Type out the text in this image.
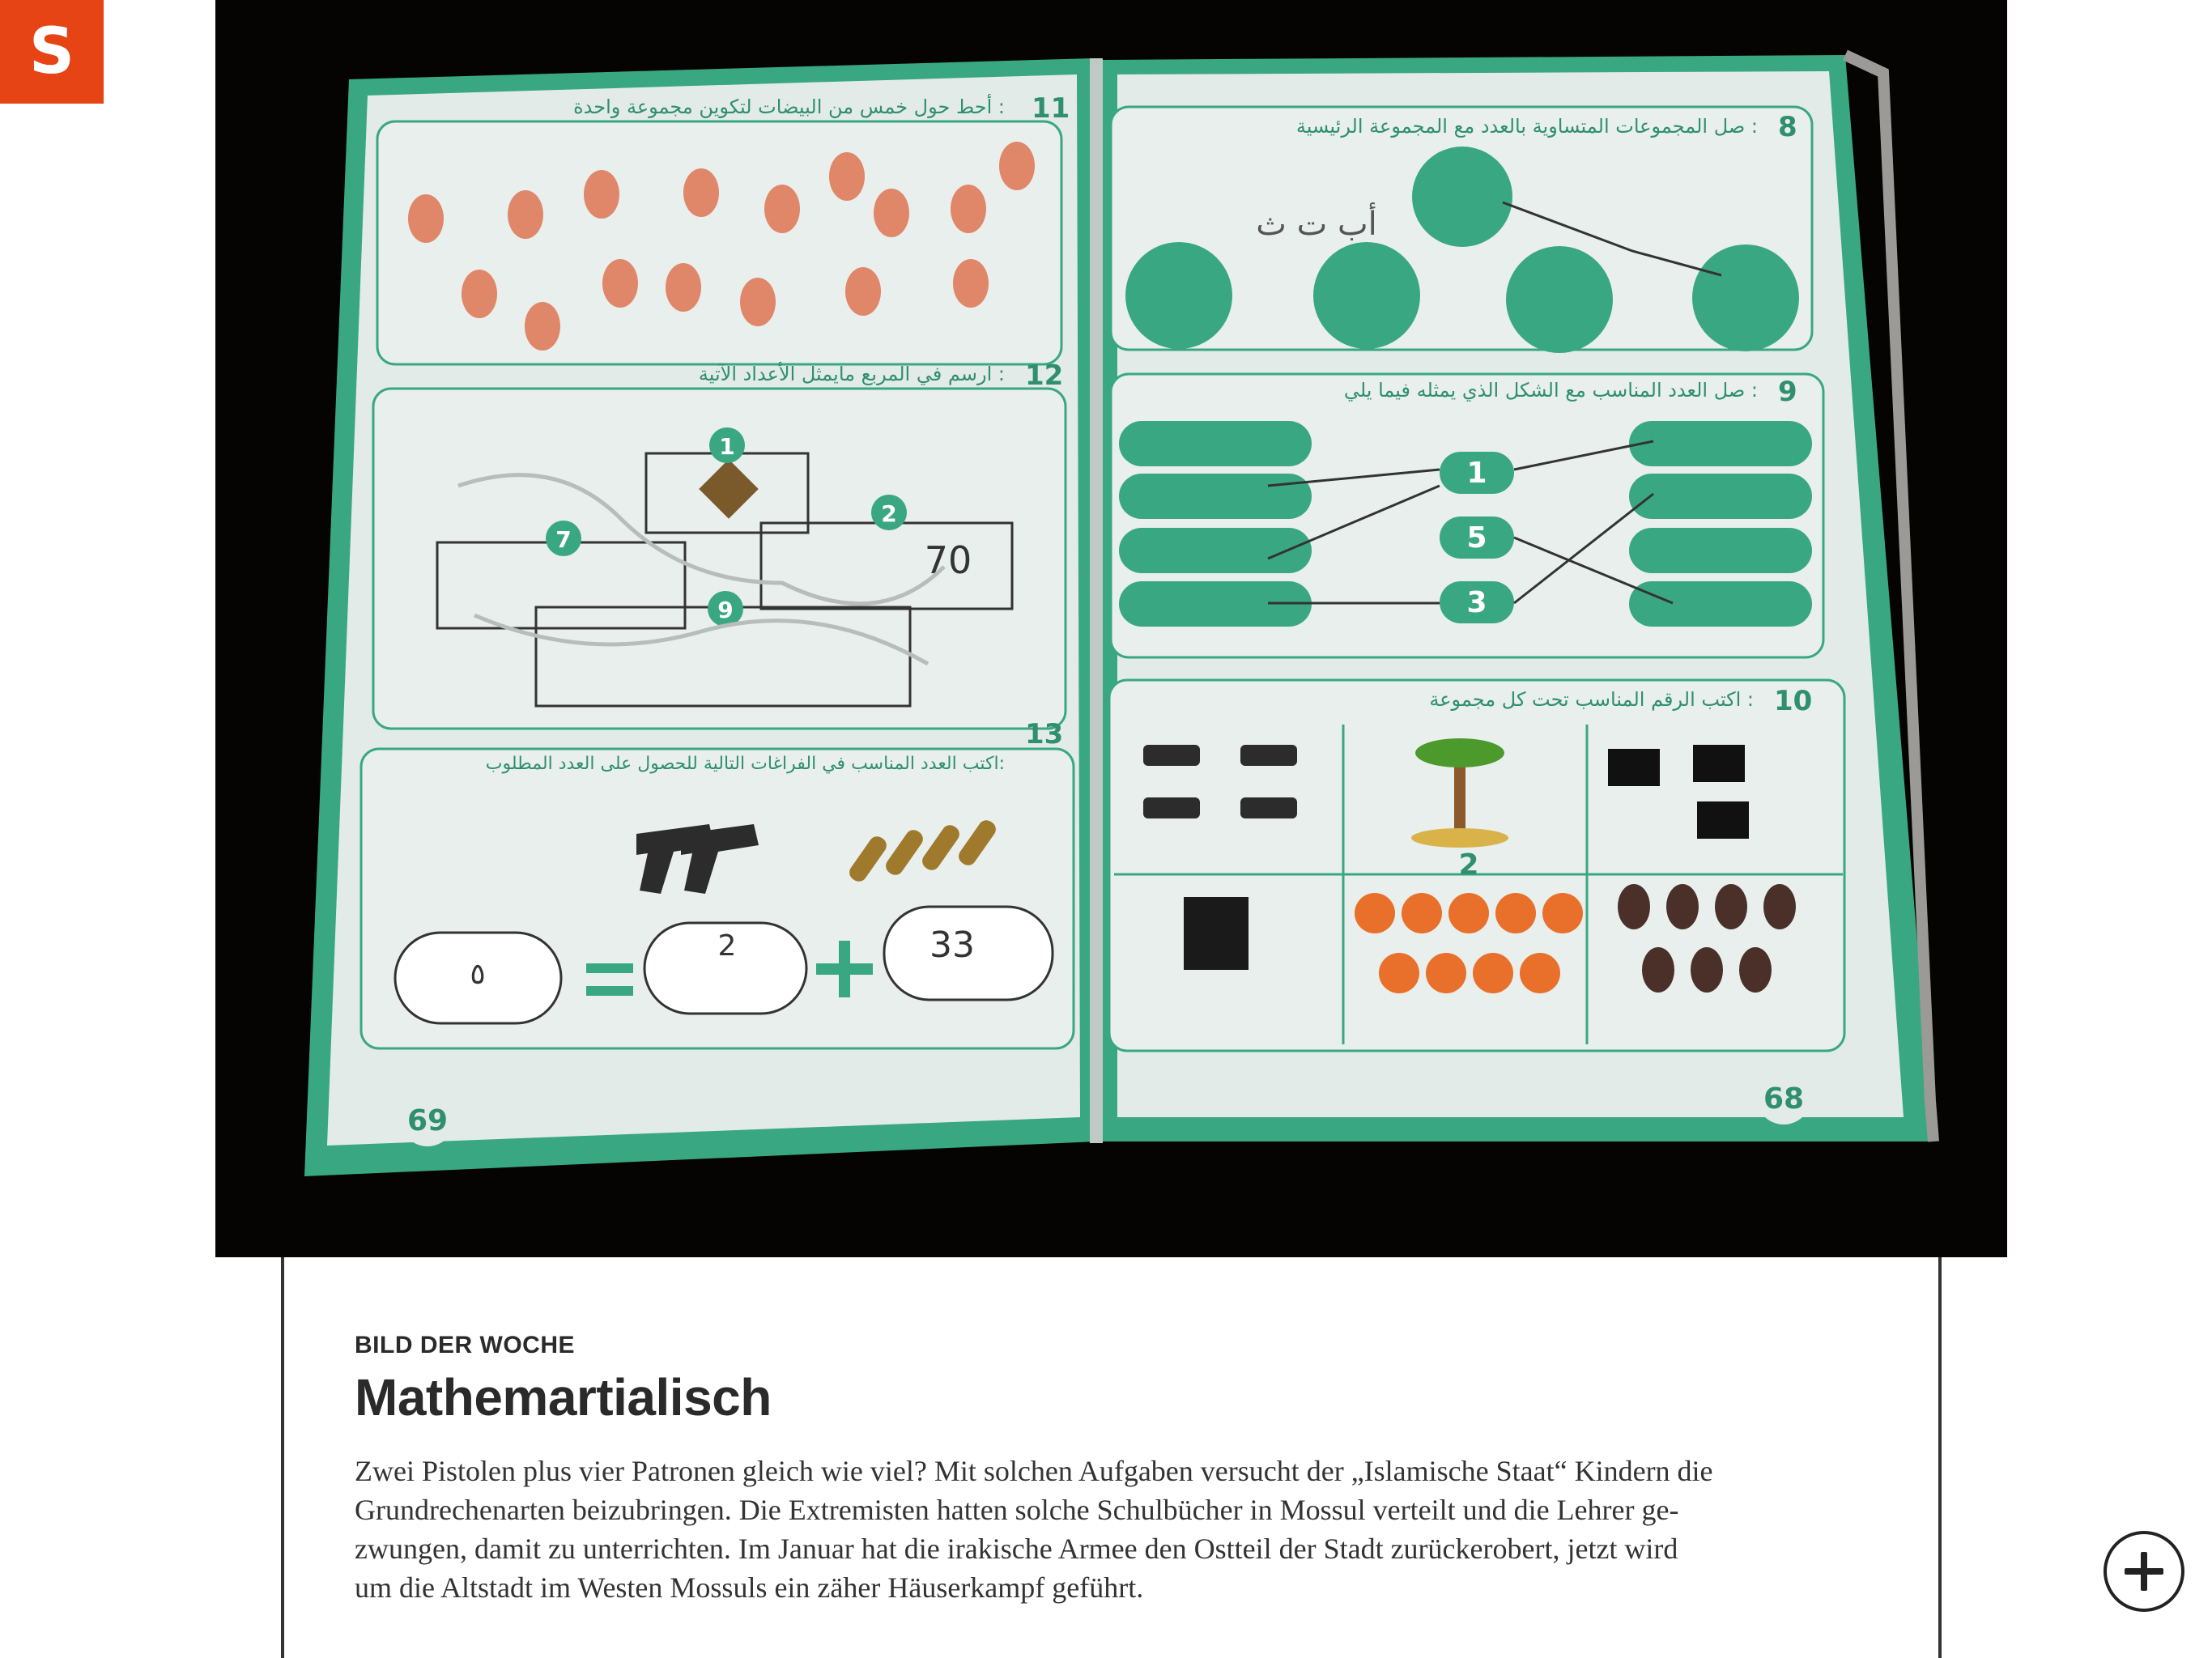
S
11
أحط حول خمس من البيضات لتكوين مجموعة واحدة :
12
ارسم في المربع مايمثل الأعداد الآتية :
1
2
7
9
70
13
اكتب العدد المناسب في الفراغات التالية للحصول على العدد المطلوب:
٥
2	33
69
8
صل المجموعات المتساوية بالعدد مع المجموعة الرئيسية :
أب ت ث
9
صل العدد المناسب مع الشكل الذي يمثله فيما يلي :
1
5
3
10
اكتب الرقم المناسب تحت كل مجموعة :
2
68
BILD DER WOCHE
Mathemartialisch
Zwei Pistolen plus vier Patronen gleich wie viel? Mit solchen Aufgaben versucht der „Islamische Staat“ Kindern die
Grundrechenarten beizubringen. Die Extremisten hatten solche Schulbücher in Mossul verteilt und die Lehrer ge-
zwungen, damit zu unterrichten. Im Januar hat die irakische Armee den Ostteil der Stadt zurückerobert, jetzt wird
um die Altstadt im Westen Mossuls ein zäher Häuserkampf geführt.
